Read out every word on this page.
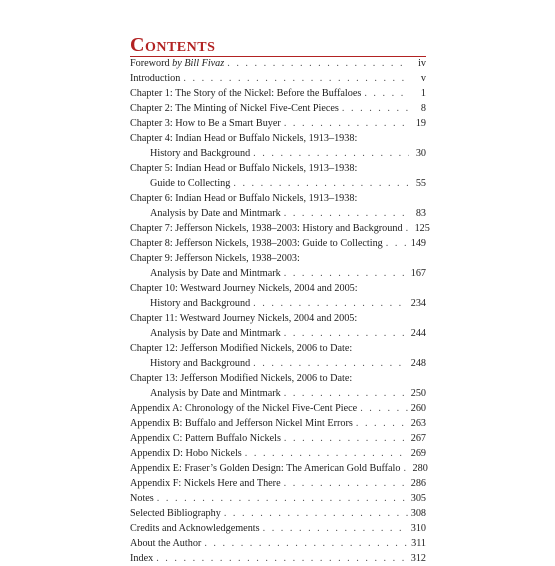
Contents
Foreword by Bill Fivaz . . .	iv
Introduction . . .	v
Chapter 1: The Story of the Nickel: Before the Buffaloes . . .	1
Chapter 2: The Minting of Nickel Five-Cent Pieces . . .	8
Chapter 3: How to Be a Smart Buyer . . .	19
Chapter 4: Indian Head or Buffalo Nickels, 1913–1938:
History and Background . . .	30
Chapter 5: Indian Head or Buffalo Nickels, 1913–1938:
Guide to Collecting . . .	55
Chapter 6: Indian Head or Buffalo Nickels, 1913–1938:
Analysis by Date and Mintmark . . .	83
Chapter 7: Jefferson Nickels, 1938–2003: History and Background . . . 125
Chapter 8: Jefferson Nickels, 1938–2003: Guide to Collecting . . .	149
Chapter 9: Jefferson Nickels, 1938–2003:
Analysis by Date and Mintmark . . .	167
Chapter 10: Westward Journey Nickels, 2004 and 2005:
History and Background . . .	234
Chapter 11: Westward Journey Nickels, 2004 and 2005:
Analysis by Date and Mintmark . . .	244
Chapter 12: Jefferson Modified Nickels, 2006 to Date:
History and Background . . .	248
Chapter 13: Jefferson Modified Nickels, 2006 to Date:
Analysis by Date and Mintmark . . .	250
Appendix A: Chronology of the Nickel Five-Cent Piece . . .	260
Appendix B: Buffalo and Jefferson Nickel Mint Errors . . .	263
Appendix C: Pattern Buffalo Nickels . . .	267
Appendix D: Hobo Nickels . . .	269
Appendix E: Fraser’s Golden Design: The American Gold Buffalo . . . 280
Appendix F: Nickels Here and There . . .	286
Notes . . .	305
Selected Bibliography . . .	308
Credits and Acknowledgements . . .	310
About the Author . . .	311
Index . . .	312
